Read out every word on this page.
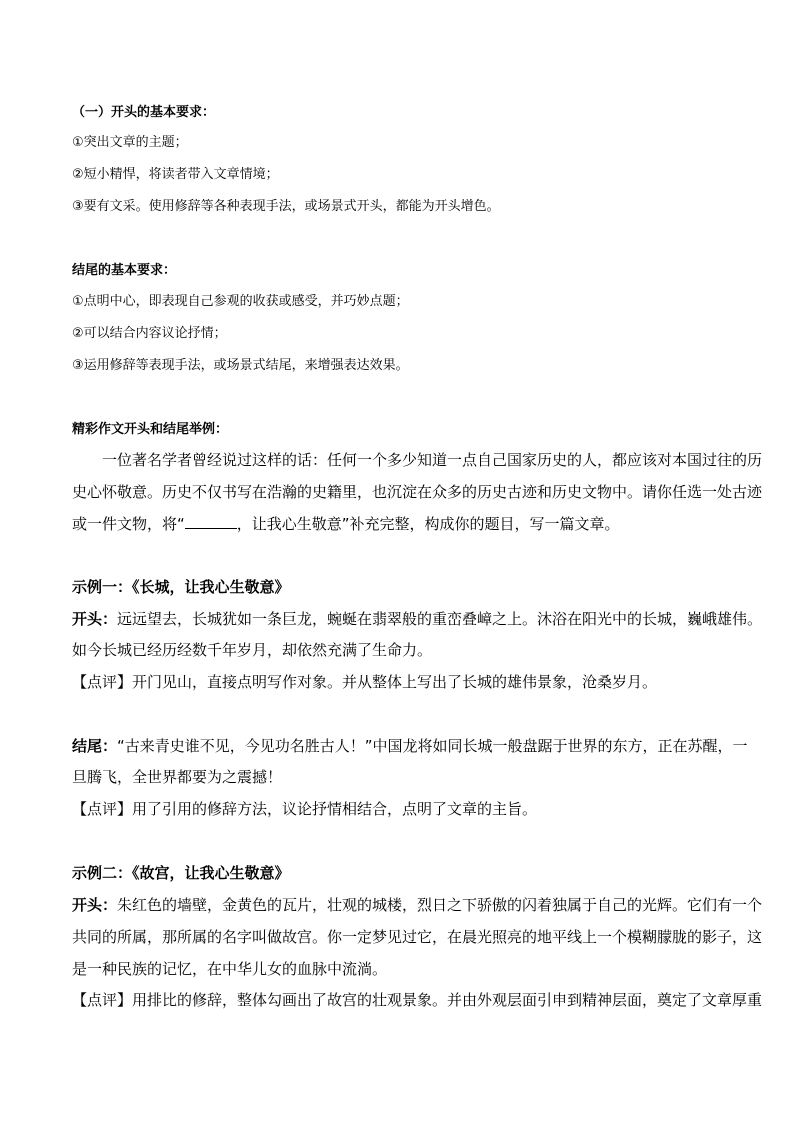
（一）开头的基本要求：

①突出文章的主题；

②短小精悍，将读者带入文章情境；

③要有文采。使用修辞等各种表现手法，或场景式开头，都能为开头增色。

结尾的基本要求：

①点明中心，即表现自己参观的收获或感受，并巧妙点题；

②可以结合内容议论抒情；

③运用修辞等表现手法，或场景式结尾，来增强表达效果。

精彩作文开头和结尾举例：

一位著名学者曾经说过这样的话：任何一个多少知道一点自己国家历史的人，都应该对本国过往的历

史心怀敬意。历史不仅书写在浩瀚的史籍里，也沉淀在众多的历史古迹和历史文物中。请你任选一处古迹

或一件文物，将“	，让我心生敬意”补充完整，构成你的题目，写一篇文章。

示例一：《长城，让我心生敬意》

开头：远远望去，长城犹如一条巨龙，蜿蜒在翡翠般的重峦叠嶂之上。沐浴在阳光中的长城，巍峨雄伟。

如今长城已经历经数千年岁月，却依然充满了生命力。

【点评】开门见山，直接点明写作对象。并从整体上写出了长城的雄伟景象，沧桑岁月。

结尾：“古来青史谁不见，今见功名胜古人！”中国龙将如同长城一般盘踞于世界的东方，正在苏醒，一

旦腾飞，全世界都要为之震撼！

【点评】用了引用的修辞方法，议论抒情相结合，点明了文章的主旨。

示例二：《故宫，让我心生敬意》

开头：朱红色的墙壁，金黄色的瓦片，壮观的城楼，烈日之下骄傲的闪着独属于自己的光辉。它们有一个

共同的所属，那所属的名字叫做故宫。你一定梦见过它，在晨光照亮的地平线上一个模糊朦胧的影子，这

是一种民族的记忆，在中华儿女的血脉中流淌。

【点评】用排比的修辞，整体勾画出了故宫的壮观景象。并由外观层面引申到精神层面，奠定了文章厚重
